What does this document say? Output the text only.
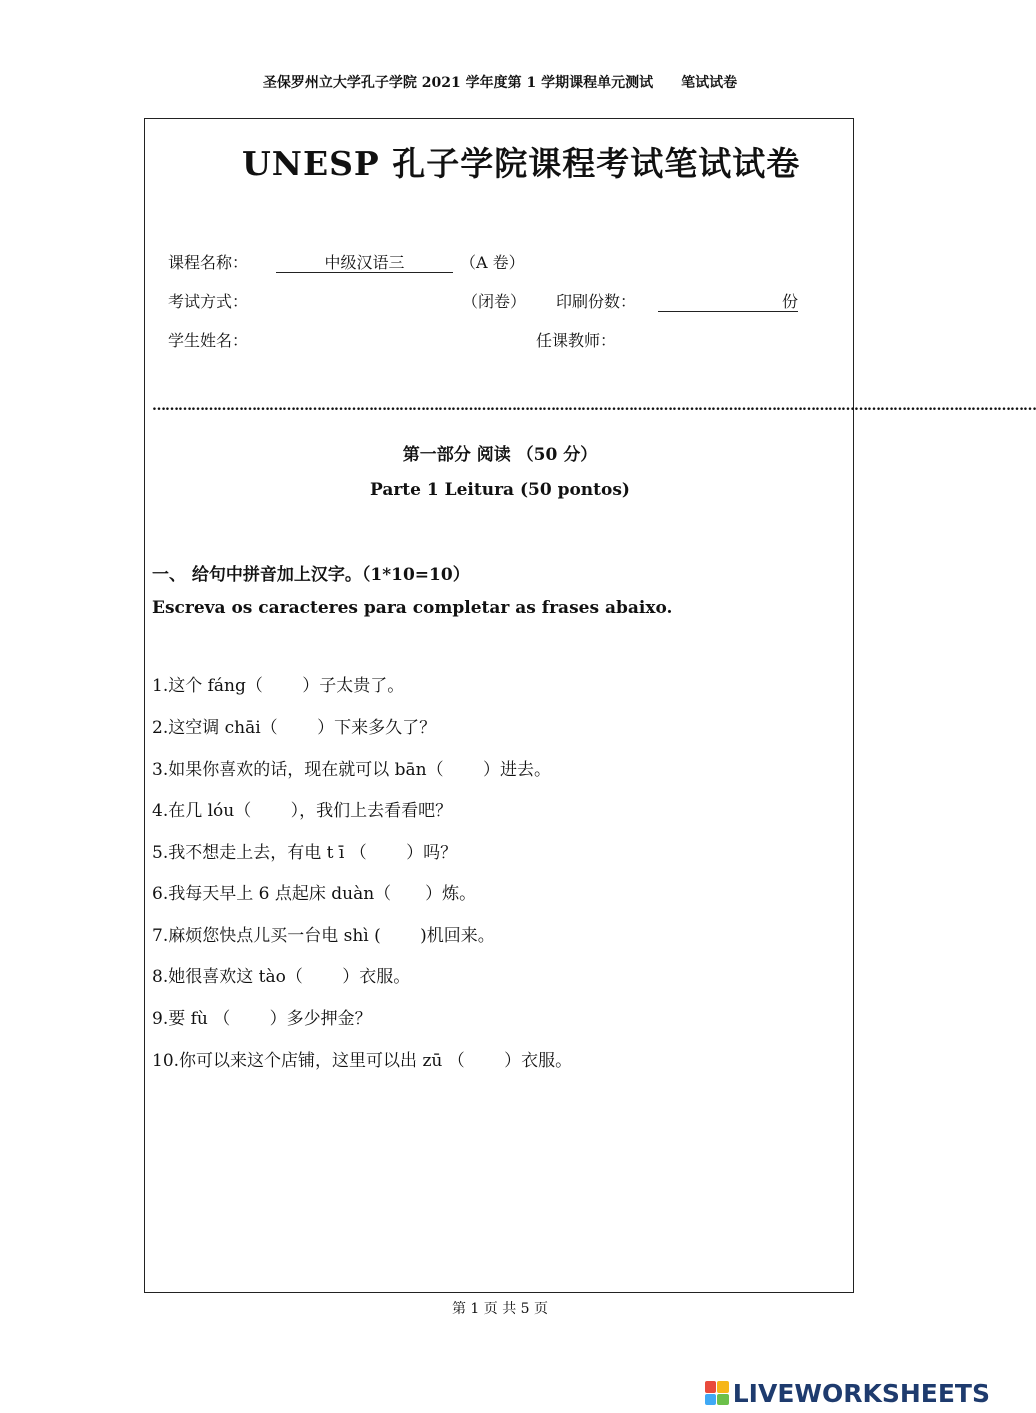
圣保罗州立大学孔子学院 2021 学年度第 1 学期课程单元测试　　笔试试卷
UNESP 孔子学院课程考试笔试试卷
课程名称：	中级汉语三	（A 卷）
考试方式：	（闭卷） 印刷份数：	份
学生姓名：	任课教师：
……………………………………………………………………………………………………………………………………………………………………………………
第一部分 阅读 （50 分）
Parte 1 Leitura (50 pontos)
一、 给句中拼音加上汉字。（1*10=10）
Escreva os caracteres para completar as frases abaixo.
1.这个 fáng（　　 ）子太贵了。
2.这空调 chāi（　　 ）下来多久了？
3.如果你喜欢的话，现在就可以 bān（　　 ）进去。
4.在几 lóu（　　 ），我们上去看看吧？
5.我不想走上去，有电 t ī （　　 ）吗？
6.我每天早上 6 点起床 duàn（　　）炼。
7.麻烦您快点儿买一台电 shì (　　 )机回来。
8.她很喜欢这 tào（　　 ）衣服。
9.要 fù （　　 ）多少押金？
10.你可以来这个店铺，这里可以出 zū （　　 ）衣服。
第 1 页 共 5 页
LIVEWORKSHEETS
